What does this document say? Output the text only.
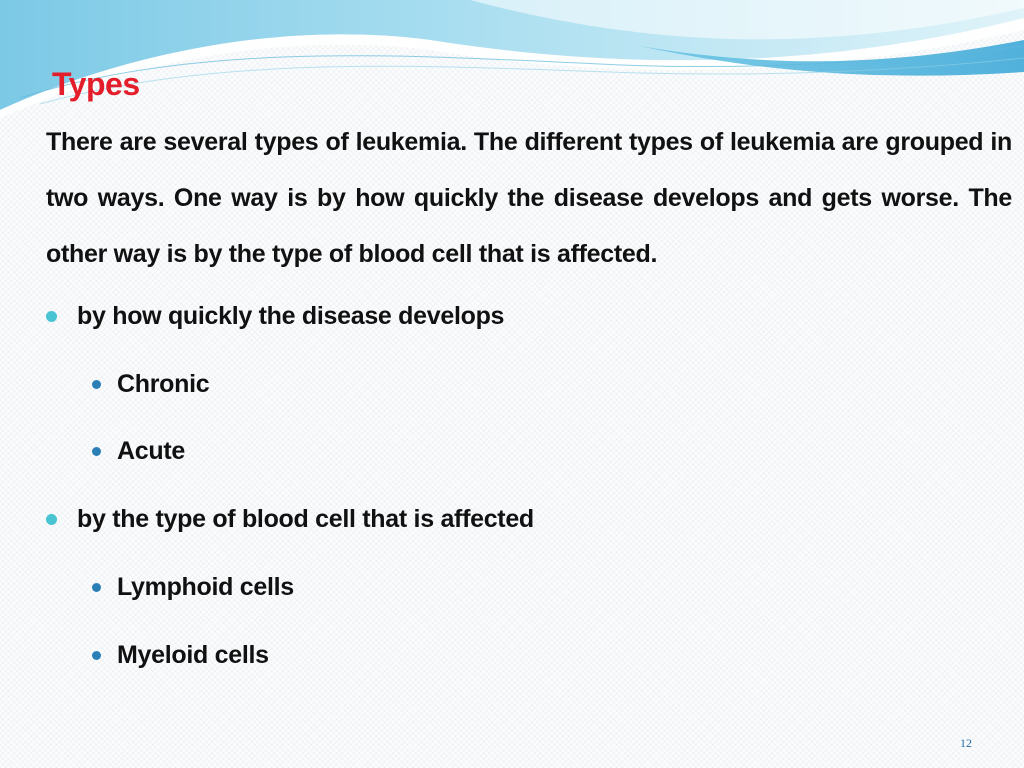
Types

There are several types of leukemia. The different types of leukemia are grouped in two ways. One way is by how quickly the disease develops and gets worse. The other way is by the type of blood cell that is affected.

by how quickly the disease develops
Chronic
Acute
by the type of blood cell that is affected
Lymphoid cells
Myeloid cells
12
